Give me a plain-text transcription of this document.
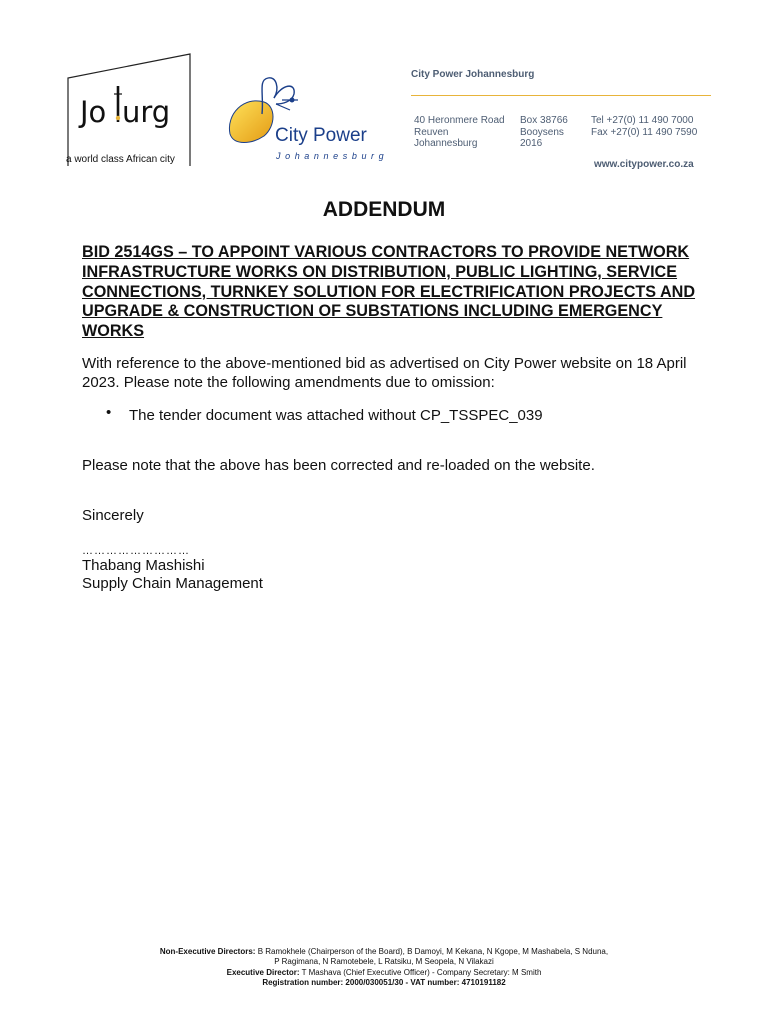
Jo urg
a world class African city
City Power
Johannesburg
City Power Johannesburg
40 Heronmere Road
Reuven
Johannesburg
Box 38766
Booysens
2016
Tel +27(0) 11 490 7000
Fax +27(0) 11 490 7590
www.citypower.co.za
ADDENDUM
BID 2514GS – TO APPOINT VARIOUS CONTRACTORS TO PROVIDE NETWORK INFRASTRUCTURE WORKS ON DISTRIBUTION, PUBLIC LIGHTING, SERVICE CONNECTIONS, TURNKEY SOLUTION FOR ELECTRIFICATION PROJECTS AND UPGRADE & CONSTRUCTION OF SUBSTATIONS INCLUDING EMERGENCY WORKS
With reference to the above-mentioned bid as advertised on City Power website on 18 April
2023. Please note the following amendments due to omission:
• The tender document was attached without CP_TSSPEC_039
Please note that the above has been corrected and re-loaded on the website.
Sincerely
………………………
Thabang Mashishi
Supply Chain Management
Non-Executive Directors: B Ramokhele (Chairperson of the Board), B Damoyi, M Kekana, N Kgope, M Mashabela, S Nduna,
P Ragimana, N Ramotebele, L Ratsiku, M Seopela, N Vilakazi
Executive Director: T Mashava (Chief Executive Officer) - Company Secretary: M Smith
Registration number: 2000/030051/30 - VAT number: 4710191182
